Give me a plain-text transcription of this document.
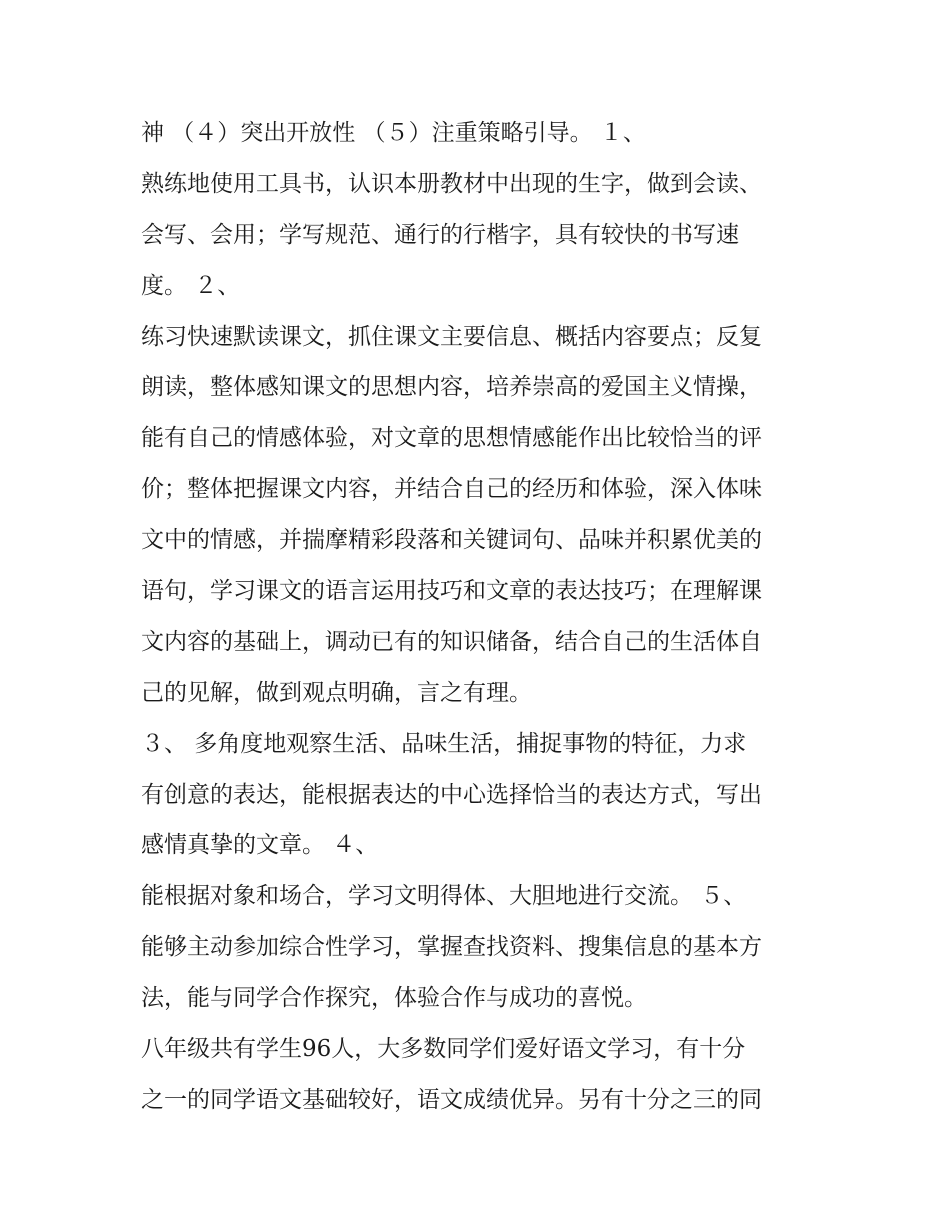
神 （４）突出开放性 （５）注重策略引导。 １、
熟练地使用工具书，认识本册教材中出现的生字，做到会读、
会写、会用；学写规范、通行的行楷字，具有较快的书写速
度。 ２、
练习快速默读课文，抓住课文主要信息、概括内容要点；反复
朗读，整体感知课文的思想内容，培养崇高的爱国主义情操，
能有自己的情感体验，对文章的思想情感能作出比较恰当的评
价；整体把握课文内容，并结合自己的经历和体验，深入体味
文中的情感，并揣摩精彩段落和关键词句、品味并积累优美的
语句，学习课文的语言运用技巧和文章的表达技巧；在理解课
文内容的基础上，调动已有的知识储备，结合自己的生活体自
己的见解，做到观点明确，言之有理。
３、 多角度地观察生活、品味生活，捕捉事物的特征，力求
有创意的表达，能根据表达的中心选择恰当的表达方式，写出
感情真挚的文章。 ４、
能根据对象和场合，学习文明得体、大胆地进行交流。 ５、
能够主动参加综合性学习，掌握查找资料、搜集信息的基本方
法，能与同学合作探究，体验合作与成功的喜悦。
八年级共有学生96人，大多数同学们爱好语文学习，有十分
之一的同学语文基础较好，语文成绩优异。另有十分之三的同
